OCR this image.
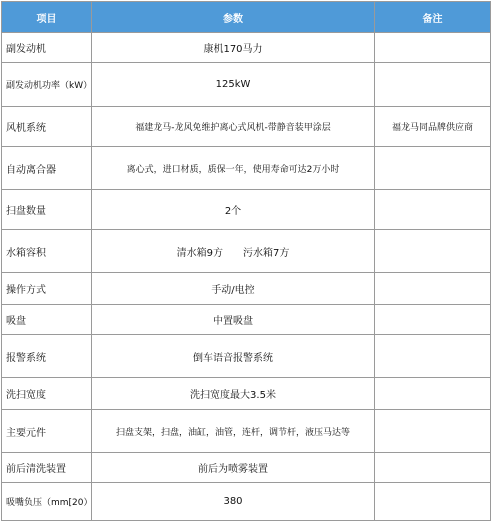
项目	参数	备注
副发动机	康机170马力	
副发动机功率（kW）	125kW	
风机系统	福建龙马-龙风免维护离心式风机-带静音装甲涂层	福龙马同品牌供应商
自动离合器	离心式，进口材质，质保一年，使用寿命可达2万小时	
扫盘数量	2个	
水箱容积	清水箱9方　　污水箱7方	
操作方式	手动/电控	
吸盘	中置吸盘	
报警系统	倒车语音报警系统	
洗扫宽度	洗扫宽度最大3.5米	
主要元件	扫盘支架，扫盘，油缸，油管，连杆，调节杆，液压马达等	
前后清洗装置	前后为喷雾装置	
吸嘴负压（mm[20）	380	
